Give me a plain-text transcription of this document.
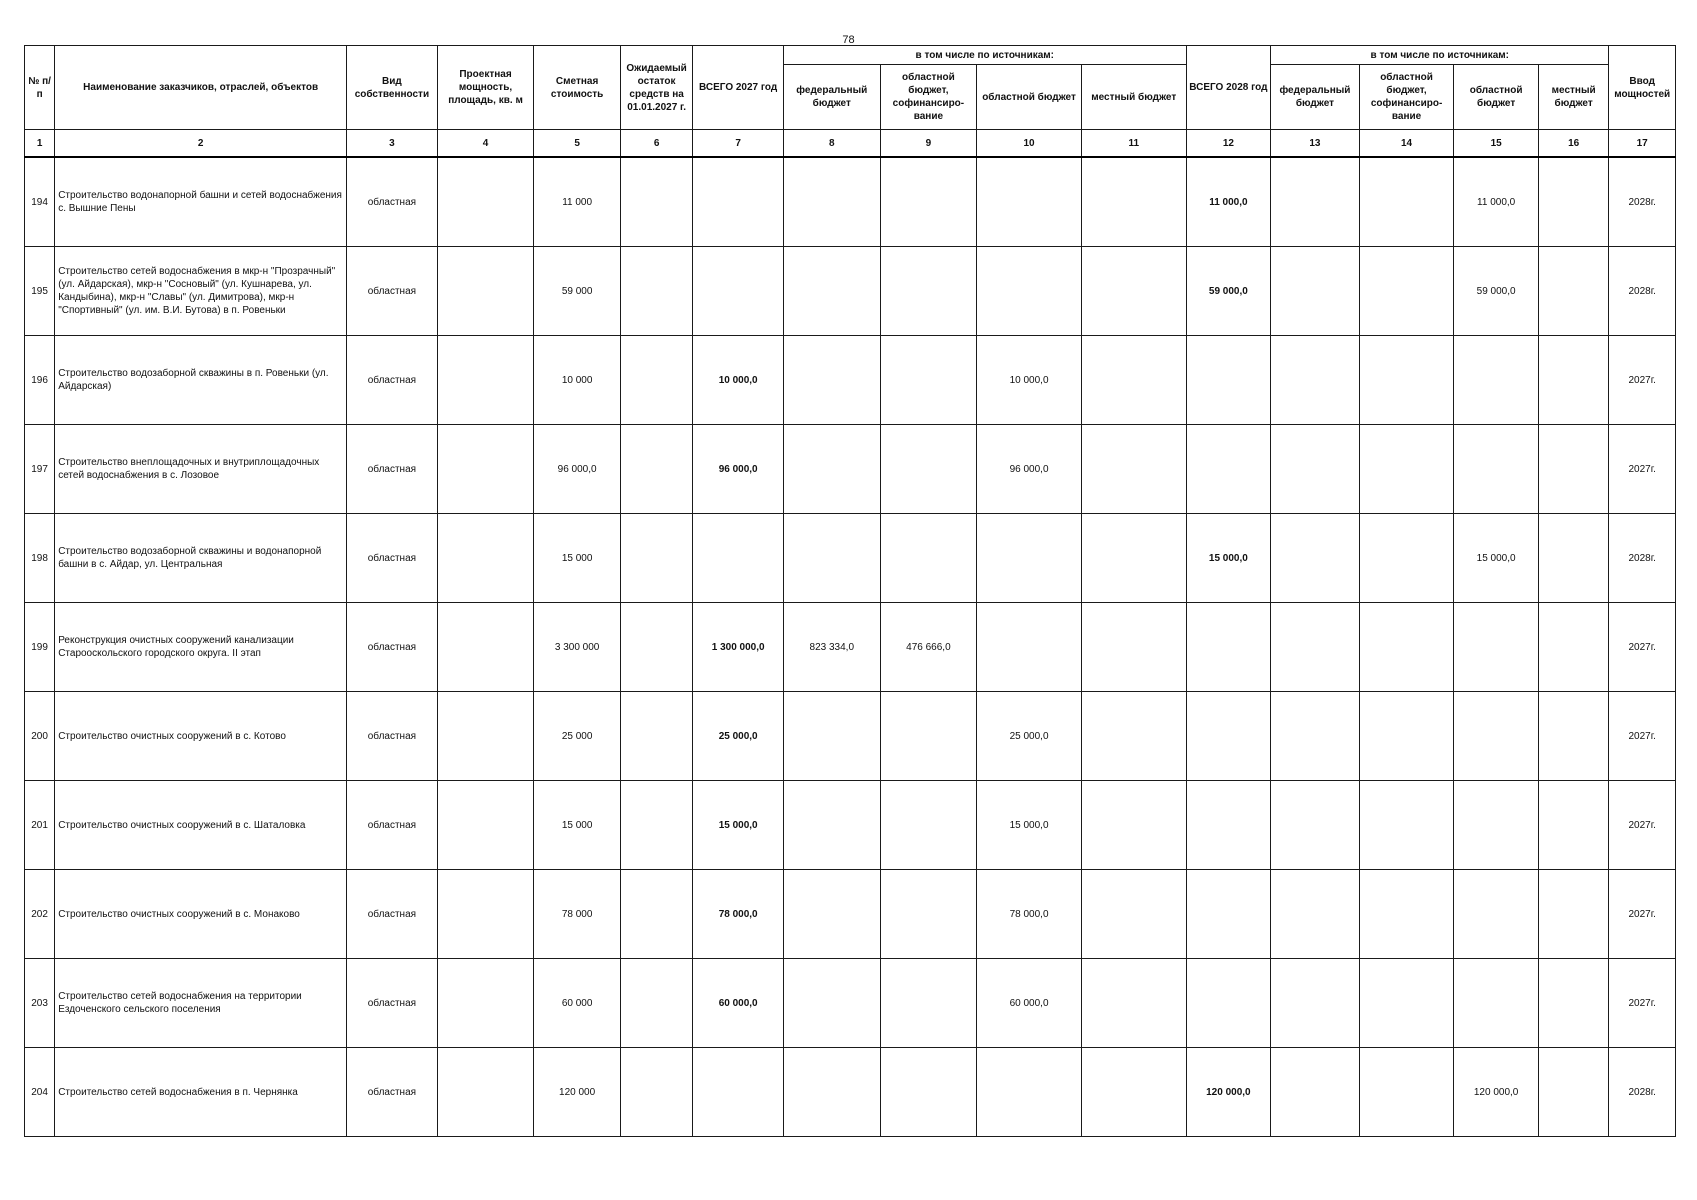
78
№ п/п	Наименование заказчиков, отраслей, объектов	Вид собственности	Проектная мощность, площадь, кв. м	Сметная стоимость	Ожидаемый остаток средств на 01.01.2027 г.	ВСЕГО 2027 год	в том числе по источникам:				ВСЕГО 2028 год	в том числе по источникам:				Ввод мощностей
							федеральный бюджет	областной бюджет, софинансиро-вание	областной бюджет	местный бюджет		федеральный бюджет	областной бюджет, софинансиро-вание	областной бюджет	местный бюджет	
1	2	3	4	5	6	7	8	9	10	11	12	13	14	15	16	17
194	Строительство водонапорной башни и сетей водоснабжения с. Вышние Пены	областная		11 000							11 000,0			11 000,0		2028г.
195	Строительство сетей водоснабжения в мкр-н "Прозрачный" (ул. Айдарская), мкр-н "Сосновый" (ул. Кушнарева, ул. Кандыбина), мкр-н "Славы" (ул. Димитрова), мкр-н "Спортивный" (ул. им. В.И. Бутова) в п. Ровеньки	областная		59 000							59 000,0			59 000,0		2028г.
196	Строительство водозаборной скважины в п. Ровеньки (ул. Айдарская)	областная		10 000		10 000,0			10 000,0							2027г.
197	Строительство внеплощадочных и внутриплощадочных сетей водоснабжения в с. Лозовое	областная		96 000,0		96 000,0			96 000,0							2027г.
198	Строительство водозаборной скважины и водонапорной башни в с. Айдар, ул. Центральная	областная		15 000							15 000,0			15 000,0		2028г.
199	Реконструкция очистных сооружений канализации Старооскольского городского округа. II этап	областная		3 300 000		1 300 000,0	823 334,0	476 666,0								2027г.
200	Строительство очистных сооружений в с. Котово	областная		25 000		25 000,0			25 000,0							2027г.
201	Строительство очистных сооружений в с. Шаталовка	областная		15 000		15 000,0			15 000,0							2027г.
202	Строительство очистных сооружений в с. Монаково	областная		78 000		78 000,0			78 000,0							2027г.
203	Строительство сетей водоснабжения на территории Ездоченского сельского поселения	областная		60 000		60 000,0			60 000,0							2027г.
204	Строительство сетей водоснабжения в п. Чернянка	областная		120 000							120 000,0			120 000,0		2028г.
